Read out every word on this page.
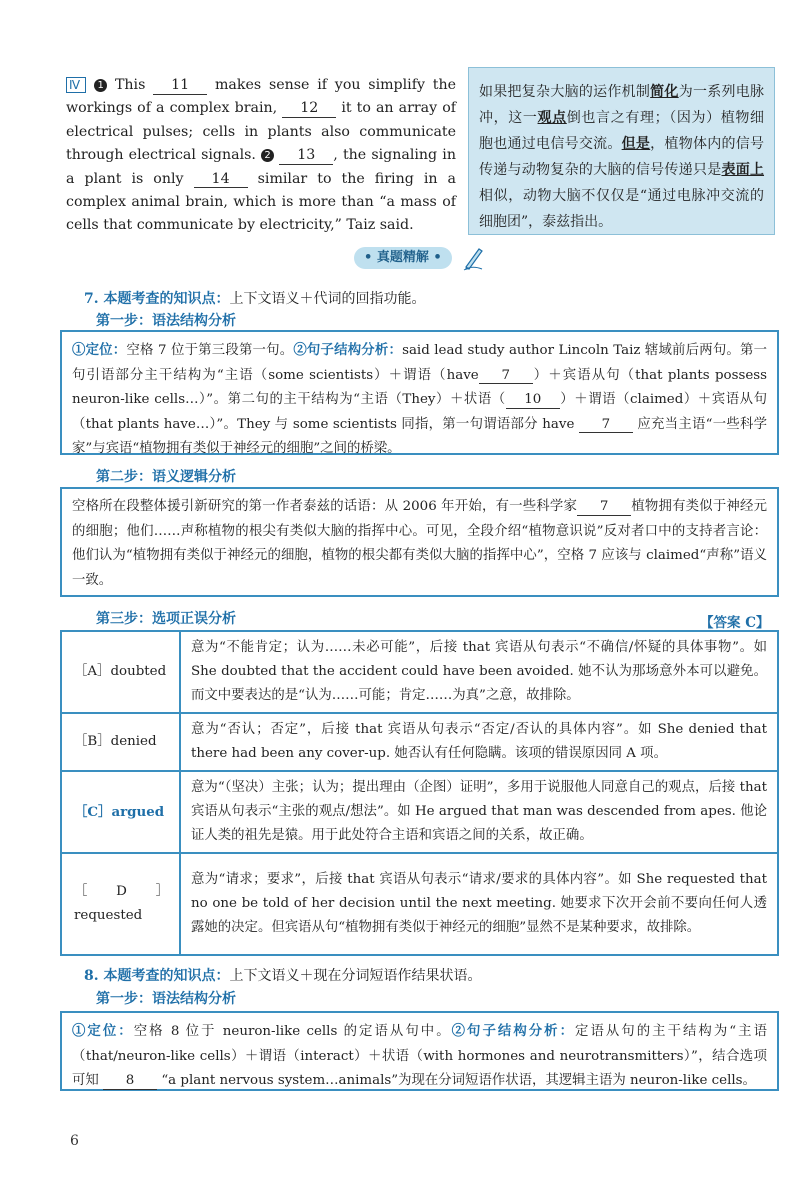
Ⅳ 1 This 11 makes sense if you simplify the workings of a complex brain, 12 it to an array of electrical pulses; cells in plants also communicate through electrical signals. 2 13 , the signaling in a plant is only 14 similar to the firing in a complex animal brain, which is more than “a mass of cells that communicate by electricity,” Taiz said.
如果把复杂大脑的运作机制简化为一系列电脉冲，这一观点倒也言之有理；（因为）植物细胞也通过电信号交流。但是，植物体内的信号传递与动物复杂的大脑的信号传递只是表面上相似，动物大脑不仅仅是“通过电脉冲交流的细胞团”，泰兹指出。
• 真题精解 •
7. 本题考查的知识点：上下文语义＋代词的回指功能。
第一步：语法结构分析
①定位：空格 7 位于第三段第一句。②句子结构分析：said lead study author Lincoln Taiz 辖域前后两句。第一句引语部分主干结构为“主语（some scientists）＋谓语（have 7 ）＋宾语从句（that plants possess neuron-like cells…）”。第二句的主干结构为“主语（They）＋状语（ 10 ）＋谓语（claimed）＋宾语从句（that plants have…）”。They 与 some scientists 同指，第一句谓语部分 have 7 应充当主语“一些科学家”与宾语“植物拥有类似于神经元的细胞”之间的桥梁。
第二步：语义逻辑分析
空格所在段整体援引新研究的第一作者泰兹的话语：从 2006 年开始，有一些科学家 7 植物拥有类似于神经元的细胞；他们……声称植物的根尖有类似大脑的指挥中心。可见，全段介绍“植物意识说”反对者口中的支持者言论：他们认为“植物拥有类似于神经元的细胞，植物的根尖都有类似大脑的指挥中心”，空格 7 应该与 claimed“声称”语义一致。
第三步：选项正误分析	【答案 C】
［A］doubted	意为“不能肯定；认为……未必可能”，后接 that 宾语从句表示“不确信/怀疑的具体事物”。如 She doubted that the accident could have been avoided. 她不认为那场意外本可以避免。而文中要表达的是“认为……可能；肯定……为真”之意，故排除。
［B］denied	意为“否认；否定”，后接 that 宾语从句表示“否定/否认的具体内容”。如 She denied that there had been any cover-up. 她否认有任何隐瞒。该项的错误原因同 A 项。
［C］argued	意为“（坚决）主张；认为；提出理由（企图）证明”，多用于说服他人同意自己的观点，后接 that 宾语从句表示“主张的观点/想法”。如 He argued that man was descended from apes. 他论证人类的祖先是猿。用于此处符合主语和宾语之间的关系，故正确。
［D］requested	意为“请求；要求”，后接 that 宾语从句表示“请求/要求的具体内容”。如 She requested that no one be told of her decision until the next meeting. 她要求下次开会前不要向任何人透露她的决定。但宾语从句“植物拥有类似于神经元的细胞”显然不是某种要求，故排除。
8. 本题考查的知识点：上下文语义＋现在分词短语作结果状语。
第一步：语法结构分析
①定位：空格 8 位于 neuron-like cells 的定语从句中。②句子结构分析：定语从句的主干结构为“主语（that/neuron-like cells）＋谓语（interact）＋状语（with hormones and neurotransmitters）”，结合选项可知 8 “a plant nervous system…animals”为现在分词短语作状语，其逻辑主语为 neuron-like cells。
6
